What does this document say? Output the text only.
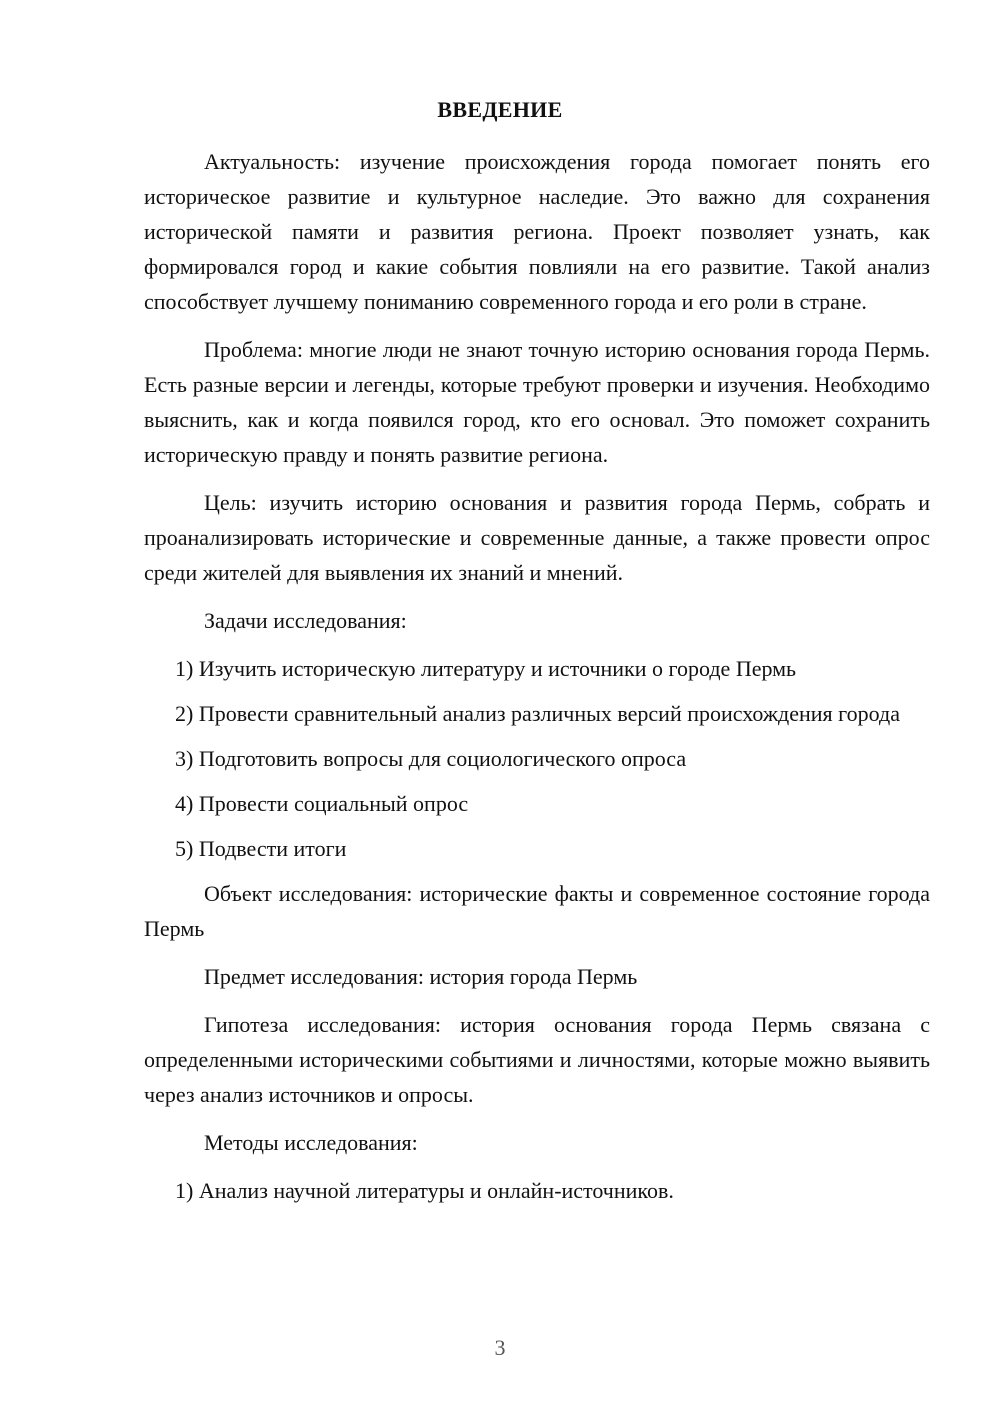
ВВЕДЕНИЕ

Актуальность: изучение происхождения города помогает понять его историческое развитие и культурное наследие. Это важно для сохранения исторической памяти и развития региона. Проект позволяет узнать, как формировался город и какие события повлияли на его развитие. Такой анализ способствует лучшему пониманию современного города и его роли в стране.

Проблема: многие люди не знают точную историю основания города Пермь. Есть разные версии и легенды, которые требуют проверки и изучения. Необходимо выяснить, как и когда появился город, кто его основал. Это поможет сохранить историческую правду и понять развитие региона.

Цель: изучить историю основания и развития города Пермь, собрать и проанализировать исторические и современные данные, а также провести опрос среди жителей для выявления их знаний и мнений.

Задачи исследования:

1) Изучить историческую литературу и источники о городе Пермь

2) Провести сравнительный анализ различных версий происхождения города

3) Подготовить вопросы для социологического опроса

4) Провести социальный опрос

5) Подвести итоги

Объект исследования: исторические факты и современное состояние города Пермь

Предмет исследования: история города Пермь

Гипотеза исследования: история основания города Пермь связана с определенными историческими событиями и личностями, которые можно выявить через анализ источников и опросы.

Методы исследования:

1) Анализ научной литературы и онлайн-источников.

3
